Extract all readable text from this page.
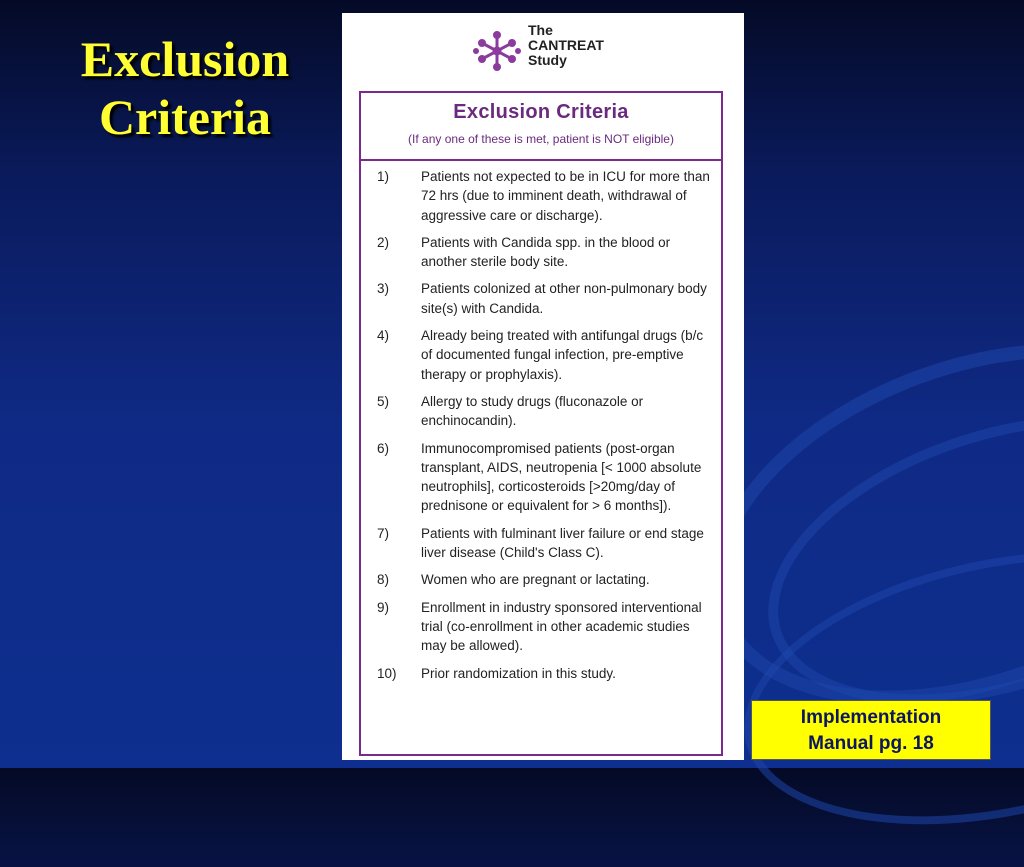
Exclusion
Criteria
The
CANTREAT
Study
Exclusion Criteria
(If any one of these is met, patient is NOT eligible)
1)	Patients not expected to be in ICU for more than 72 hrs (due to imminent death, withdrawal of aggressive care or discharge).
2)	Patients with Candida spp. in the blood or another sterile body site.
3)	Patients colonized at other non-pulmonary body site(s) with Candida.
4)	Already being treated with antifungal drugs (b/c of documented fungal infection, pre-emptive therapy or prophylaxis).
5)	Allergy to study drugs (fluconazole or enchinocandin).
6)	Immunocompromised patients (post-organ transplant, AIDS, neutropenia [< 1000 absolute neutrophils], corticosteroids [>20mg/day of prednisone or equivalent for > 6 months]).
7)	Patients with fulminant liver failure or end stage liver disease (Child's Class C).
8)	Women who are pregnant or lactating.
9)	Enrollment in industry sponsored interventional trial (co-enrollment in other academic studies may be allowed).
10)	Prior randomization in this study.
Implementation
Manual pg. 18
